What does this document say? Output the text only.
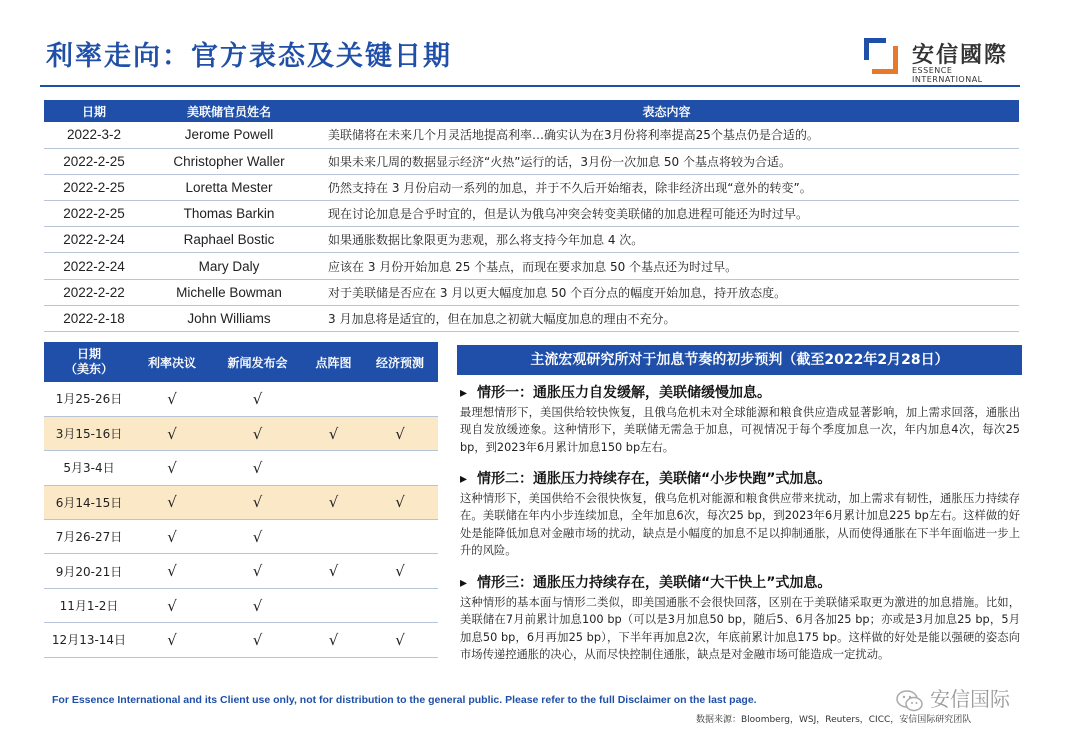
利率走向：官方表态及关键日期	安信國際
ESSENCE INTERNATIONAL
日期	美联储官员姓名	表态内容
2022-3-2	Jerome Powell	美联储将在未来几个月灵活地提高利率…确实认为在3月份将利率提高25个基点仍是合适的。
2022-2-25	Christopher Waller	如果未来几周的数据显示经济“火热”运行的话，3月份一次加息 50 个基点将较为合适。
2022-2-25	Loretta Mester	仍然支持在 3 月份启动一系列的加息，并于不久后开始缩表，除非经济出现“意外的转变”。
2022-2-25	Thomas Barkin	现在讨论加息是合乎时宜的，但是认为俄乌冲突会转变美联储的加息进程可能还为时过早。
2022-2-24	Raphael Bostic	如果通胀数据比象限更为悲观，那么将支持今年加息 4 次。
2022-2-24	Mary Daly	应该在 3 月份开始加息 25 个基点，而现在要求加息 50 个基点还为时过早。
2022-2-22	Michelle Bowman	对于美联储是否应在 3 月以更大幅度加息 50 个百分点的幅度开始加息，持开放态度。
2022-2-18	John Williams	3 月加息将是适宜的，但在加息之初就大幅度加息的理由不充分。
日期
（美东）	利率决议	新闻发布会	点阵图	经济预测
1月25-26日	√	√		
3月15-16日	√	√	√	√
5月3-4日	√	√		
6月14-15日	√	√	√	√
7月26-27日	√	√		
9月20-21日	√	√	√	√
11月1-2日	√	√		
12月13-14日	√	√	√	√
主流宏观研究所对于加息节奏的初步预判（截至2022年2月28日）
▸ 情形一：通胀压力自发缓解，美联储缓慢加息。
最理想情形下，美国供给较快恢复，且俄乌危机未对全球能源和粮食供应造成显著影响，加上需求回落，通胀出现自发放缓迹象。这种情形下，美联储无需急于加息，可视情况于每个季度加息一次，年内加息4次，每次25 bp，到2023年6月累计加息150 bp左右。
▸ 情形二：通胀压力持续存在，美联储“小步快跑”式加息。
这种情形下，美国供给不会很快恢复，俄乌危机对能源和粮食供应带来扰动，加上需求有韧性，通胀压力持续存在。美联储在年内小步连续加息，全年加息6次，每次25 bp，到2023年6月累计加息225 bp左右。这样做的好处是能降低加息对金融市场的扰动，缺点是小幅度的加息不足以抑制通胀，从而使得通胀在下半年面临进一步上升的风险。
▸ 情形三：通胀压力持续存在，美联储“大干快上”式加息。
这种情形的基本面与情形二类似，即美国通胀不会很快回落，区别在于美联储采取更为激进的加息措施。比如，美联储在7月前累计加息100 bp（可以是3月加息50 bp，随后5、6月各加25 bp；亦或是3月加息25 bp，5月加息50 bp，6月再加25 bp），下半年再加息2次，年底前累计加息175 bp。这样做的好处是能以强硬的姿态向市场传递控通胀的决心，从而尽快控制住通胀，缺点是对金融市场可能造成一定扰动。
For Essence International and its Client use only, not for distribution to the general public. Please refer to the full Disclaimer on the last page.	安信国际
数据来源：Bloomberg，WSJ，Reuters，CICC，安信国际研究团队
